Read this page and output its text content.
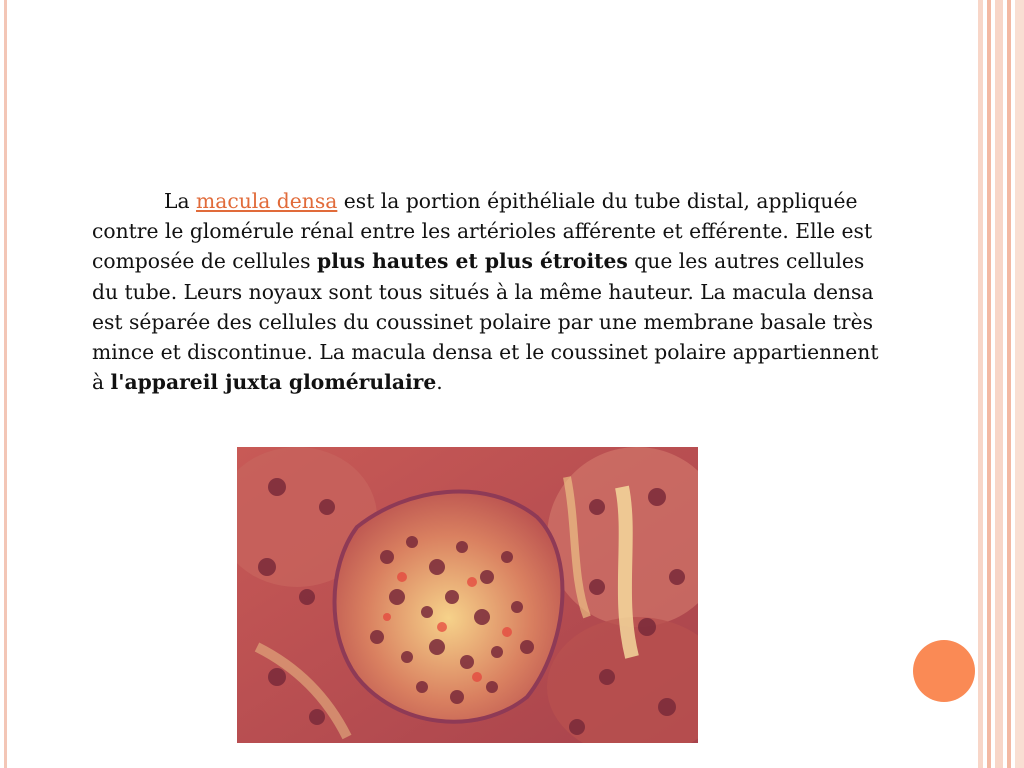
La macula densa est la portion épithéliale du tube distal, appliquée contre le glomérule rénal entre les artérioles afférente et efférente. Elle est composée de cellules plus hautes et plus étroites que les autres cellules du tube. Leurs noyaux sont tous situés à la même hauteur. La macula densa est séparée des cellules du coussinet polaire par une membrane basale très mince et discontinue. La macula densa et le coussinet polaire appartiennent à l'appareil juxta glomérulaire.
